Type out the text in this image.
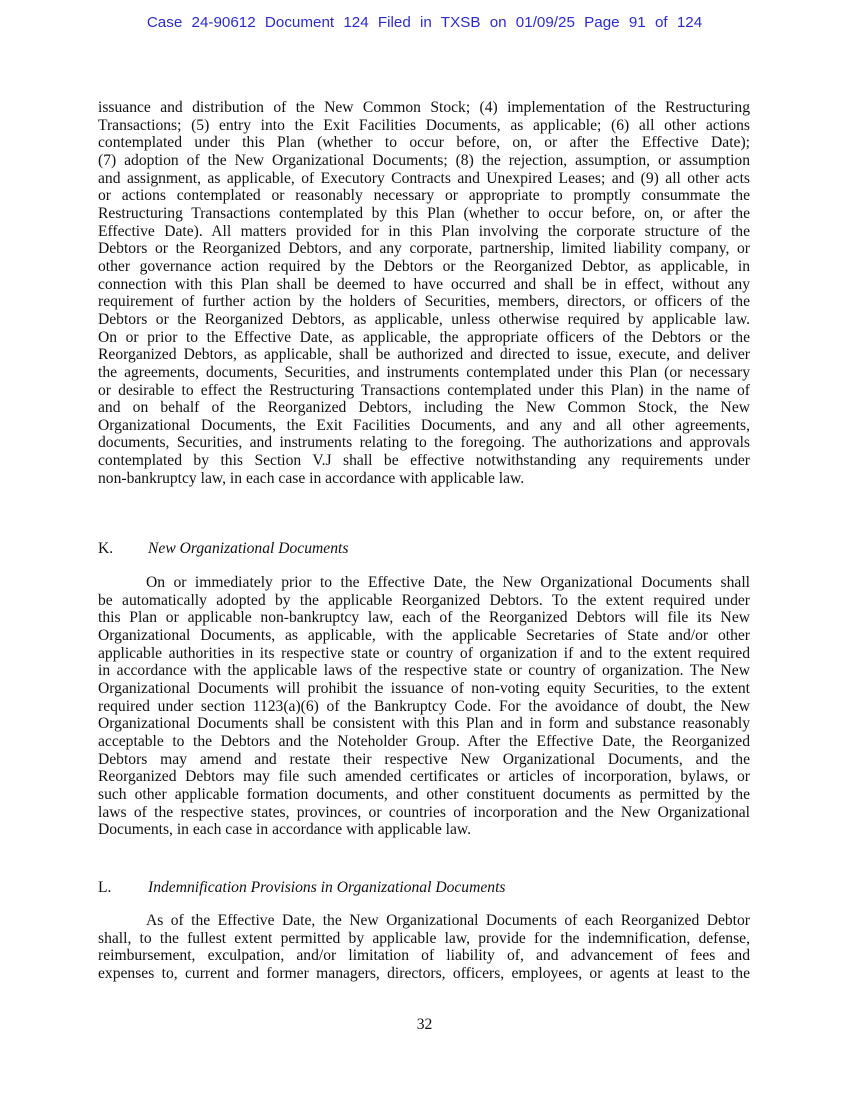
Case 24-90612 Document 124 Filed in TXSB on 01/09/25 Page 91 of 124
issuance and distribution of the New Common Stock; (4) implementation of the Restructuring
Transactions; (5) entry into the Exit Facilities Documents, as applicable; (6) all other actions
contemplated under this Plan (whether to occur before, on, or after the Effective Date);
(7) adoption of the New Organizational Documents; (8) the rejection, assumption, or assumption
and assignment, as applicable, of Executory Contracts and Unexpired Leases; and (9) all other acts
or actions contemplated or reasonably necessary or appropriate to promptly consummate the
Restructuring Transactions contemplated by this Plan (whether to occur before, on, or after the
Effective Date). All matters provided for in this Plan involving the corporate structure of the
Debtors or the Reorganized Debtors, and any corporate, partnership, limited liability company, or
other governance action required by the Debtors or the Reorganized Debtor, as applicable, in
connection with this Plan shall be deemed to have occurred and shall be in effect, without any
requirement of further action by the holders of Securities, members, directors, or officers of the
Debtors or the Reorganized Debtors, as applicable, unless otherwise required by applicable law.
On or prior to the Effective Date, as applicable, the appropriate officers of the Debtors or the
Reorganized Debtors, as applicable, shall be authorized and directed to issue, execute, and deliver
the agreements, documents, Securities, and instruments contemplated under this Plan (or necessary
or desirable to effect the Restructuring Transactions contemplated under this Plan) in the name of
and on behalf of the Reorganized Debtors, including the New Common Stock, the New
Organizational Documents, the Exit Facilities Documents, and any and all other agreements,
documents, Securities, and instruments relating to the foregoing. The authorizations and approvals
contemplated by this Section V.J shall be effective notwithstanding any requirements under
non-bankruptcy law, in each case in accordance with applicable law.
K. New Organizational Documents
On or immediately prior to the Effective Date, the New Organizational Documents shall
be automatically adopted by the applicable Reorganized Debtors. To the extent required under
this Plan or applicable non-bankruptcy law, each of the Reorganized Debtors will file its New
Organizational Documents, as applicable, with the applicable Secretaries of State and/or other
applicable authorities in its respective state or country of organization if and to the extent required
in accordance with the applicable laws of the respective state or country of organization. The New
Organizational Documents will prohibit the issuance of non-voting equity Securities, to the extent
required under section 1123(a)(6) of the Bankruptcy Code. For the avoidance of doubt, the New
Organizational Documents shall be consistent with this Plan and in form and substance reasonably
acceptable to the Debtors and the Noteholder Group. After the Effective Date, the Reorganized
Debtors may amend and restate their respective New Organizational Documents, and the
Reorganized Debtors may file such amended certificates or articles of incorporation, bylaws, or
such other applicable formation documents, and other constituent documents as permitted by the
laws of the respective states, provinces, or countries of incorporation and the New Organizational
Documents, in each case in accordance with applicable law.
L. Indemnification Provisions in Organizational Documents
As of the Effective Date, the New Organizational Documents of each Reorganized Debtor
shall, to the fullest extent permitted by applicable law, provide for the indemnification, defense,
reimbursement, exculpation, and/or limitation of liability of, and advancement of fees and
expenses to, current and former managers, directors, officers, employees, or agents at least to the
32
